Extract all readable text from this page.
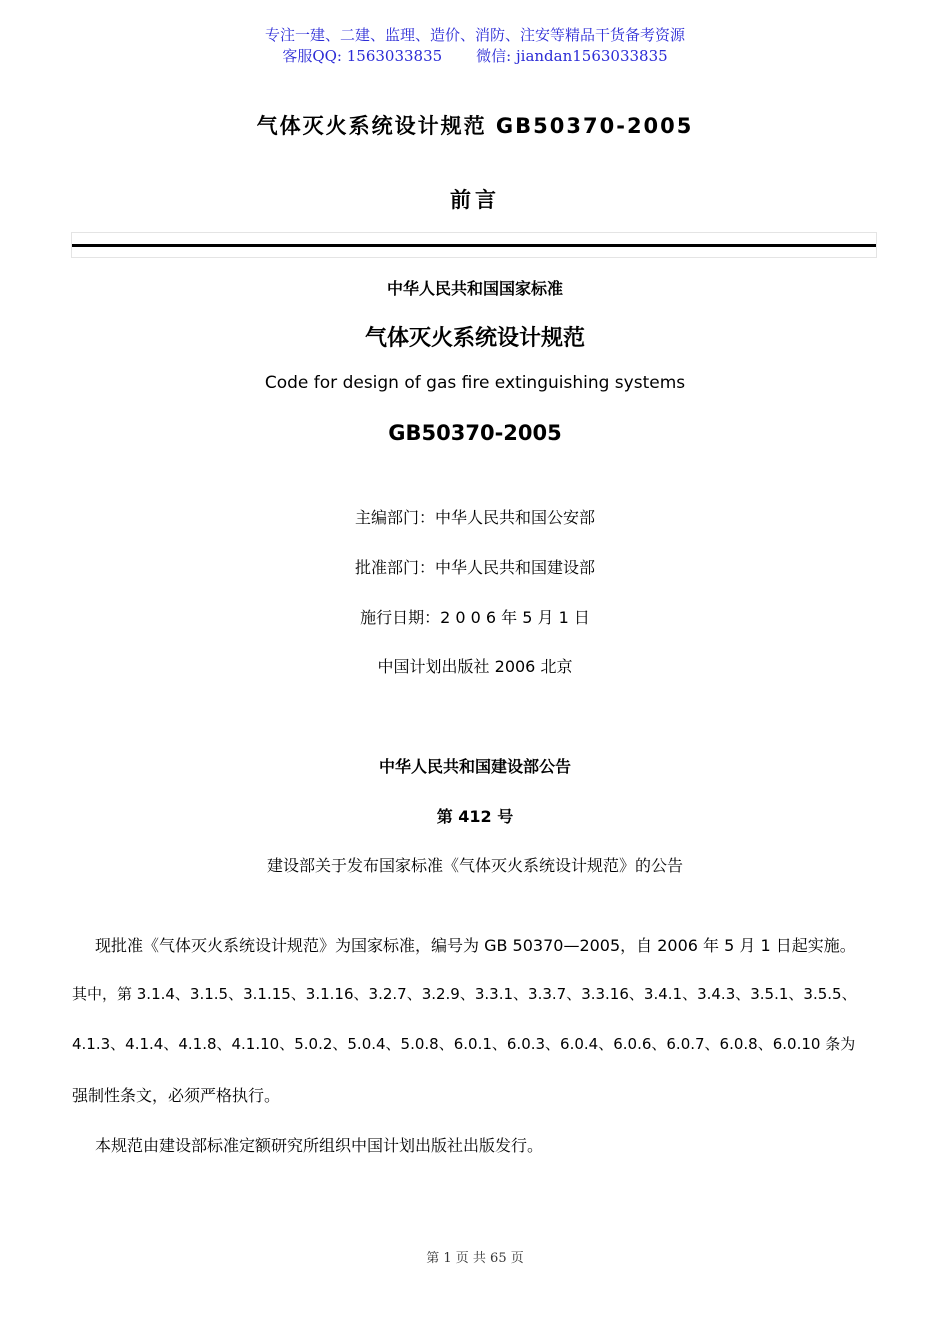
专注一建、二建、监理、造价、消防、注安等精品干货备考资源
客服QQ: 1563033835 微信: jiandan1563033835
气体灭火系统设计规范 GB50370-2005
前言
中华人民共和国国家标准
气体灭火系统设计规范
Code for design of gas fire extinguishing systems
GB50370-2005
主编部门：中华人民共和国公安部
批准部门：中华人民共和国建设部
施行日期：2 0 0 6 年 5 月 1 日
中国计划出版社 2006 北京
中华人民共和国建设部公告
第 412 号
建设部关于发布国家标准《气体灭火系统设计规范》的公告
现批准《气体灭火系统设计规范》为国家标准，编号为 GB 50370—2005，自 2006 年 5 月 1 日起实施。
其中，第 3.1.4、3.1.5、3.1.15、3.1.16、3.2.7、3.2.9、3.3.1、3.3.7、3.3.16、3.4.1、3.4.3、3.5.1、3.5.5、
4.1.3、4.1.4、4.1.8、4.1.10、5.0.2、5.0.4、5.0.8、6.0.1、6.0.3、6.0.4、6.0.6、6.0.7、6.0.8、6.0.10 条为
强制性条文，必须严格执行。
本规范由建设部标准定额研究所组织中国计划出版社出版发行。
第 1 页 共 65 页
